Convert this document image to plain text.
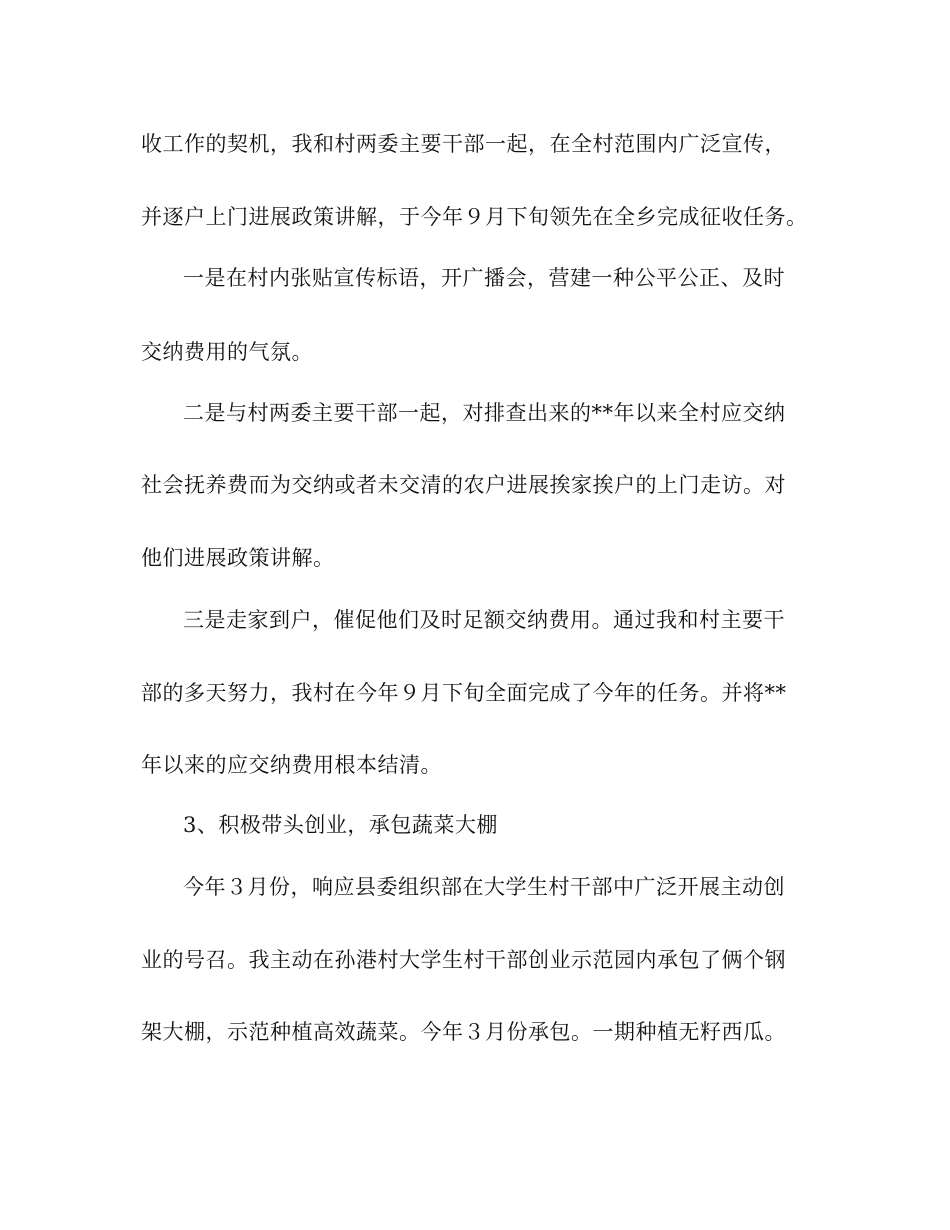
收工作的契机，我和村两委主要干部一起，在全村范围内广泛宣传，
并逐户上门进展政策讲解，于今年９月下旬领先在全乡完成征收任务。
一是在村内张贴宣传标语，开广播会，营建一种公平公正、及时
交纳费用的气氛。
二是与村两委主要干部一起，对排查出来的**年以来全村应交纳
社会抚养费而为交纳或者未交清的农户进展挨家挨户的上门走访。对
他们进展政策讲解。
三是走家到户，催促他们及时足额交纳费用。通过我和村主要干
部的多天努力，我村在今年９月下旬全面完成了今年的任务。并将**
年以来的应交纳费用根本结清。
3、积极带头创业，承包蔬菜大棚
今年３月份，响应县委组织部在大学生村干部中广泛开展主动创
业的号召。我主动在孙港村大学生村干部创业示范园内承包了俩个钢
架大棚，示范种植高效蔬菜。今年３月份承包。一期种植无籽西瓜。
